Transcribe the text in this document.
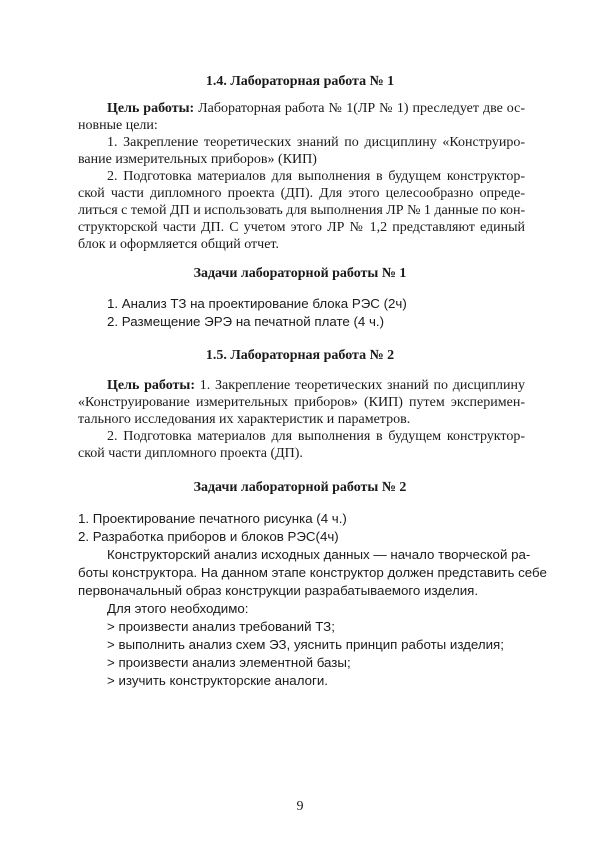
1.4. Лабораторная работа № 1

Цель работы: Лабораторная работа № 1(ЛР № 1) преследует две ос-

новные цели:

1. Закрепление теоретических знаний по дисциплину «Конструиро-

вание измерительных приборов» (КИП)

2. Подготовка материалов для выполнения в будущем конструктор-

ской части дипломного проекта (ДП). Для этого целесообразно опреде-

литься с темой ДП и использовать для выполнения ЛР № 1 данные по кон-

структорской части ДП. С учетом этого ЛР № 1,2 представляют единый

блок и оформляется общий отчет.

Задачи лабораторной работы № 1

1. Анализ ТЗ на проектирование блока РЭС (2ч)

2. Размещение ЭРЭ на печатной плате (4 ч.)

1.5. Лабораторная работа № 2

Цель работы: 1. Закрепление теоретических знаний по дисциплину

«Конструирование измерительных приборов» (КИП) путем эксперимен-

тального исследования их характеристик и параметров.

2. Подготовка материалов для выполнения в будущем конструктор-

ской части дипломного проекта (ДП).

Задачи лабораторной работы № 2

1. Проектирование печатного рисунка (4 ч.)

2. Разработка приборов и блоков РЭС(4ч)

Конструкторский анализ исходных данных — начало творческой ра-

боты конструктора. На данном этапе конструктор должен представить себе

первоначальный образ конструкции разрабатываемого изделия.

Для этого необходимо:

> произвести анализ требований ТЗ;

> выполнить анализ схем ЭЗ, уяснить принцип работы изделия;

> произвести анализ элементной базы;

> изучить конструкторские аналоги.

9
